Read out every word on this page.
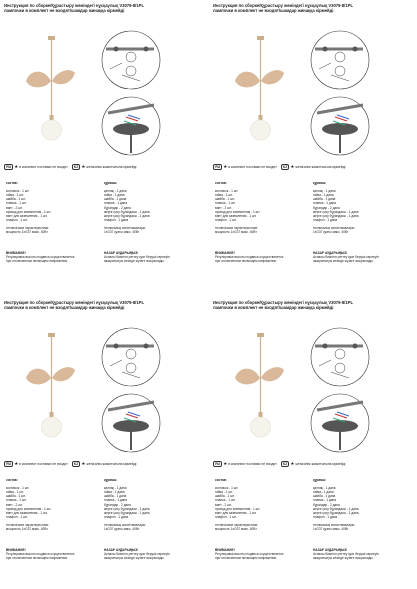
Инструкция по сборке/Құрастыру жөніндегі нұсқаулық V3079-8/1PL
лампочки в комплект не входят/шамдар жинаққа кірмейді
RU ★ в комплект поставки не входит KZ ★ жеткізілім жиынтығына кірмейді
состав:
колпачок - 1 шт.
гайка - 1 шт.
шайба - 1 шт.
планка - 1 шт.
винт - 2 шт.
провод для заземления - 1 шт.
винт для заземления - 1 шт.
плафон - 1 шт.
технические характеристики:
мощность 1xG37 макс. 40Вт
құрамы:
қалпақ - 1 дана
гайка - 1 дана
шайба - 1 дана
планка - 1 дана
бұрандар - 2 дана
жерге қосу бұрандасы - 1 дана
жерге қосу бұрандасы - 1 дана
плафон - 1 дана
техникалық сипаттамалары:
1xG37 қуаты макс. 40Вт
ВНИМАНИЕ!
Регулировка высоты подвеса осуществляется
при отключенном питающем напряжении
НАЗАР АУДАРЫҢЫЗ!
Аспалы биіктігін реттеу қуат берушi кернеуiн
ажыратылуы кезінде жүзеге асырылады.
Инструкция по сборке/Құрастыру жөніндегі нұсқаулық V3079-8/1PL
лампочки в комплект не входят/шамдар жинаққа кірмейді
RU ★ в комплект поставки не входит KZ ★ жеткізілім жиынтығына кірмейді
состав:
колпачок - 1 шт.
гайка - 1 шт.
шайба - 1 шт.
планка - 1 шт.
винт - 2 шт.
провод для заземления - 1 шт.
винт для заземления - 1 шт.
плафон - 1 шт.
технические характеристики:
мощность 1xG37 макс. 40Вт
құрамы:
қалпақ - 1 дана
гайка - 1 дана
шайба - 1 дана
планка - 1 дана
бұрандар - 2 дана
жерге қосу бұрандасы - 1 дана
жерге қосу бұрандасы - 1 дана
плафон - 1 дана
техникалық сипаттамалары:
1xG37 қуаты макс. 40Вт
ВНИМАНИЕ!
Регулировка высоты подвеса осуществляется
при отключенном питающем напряжении
НАЗАР АУДАРЫҢЫЗ!
Аспалы биіктігін реттеу қуат берушi кернеуiн
ажыратылуы кезінде жүзеге асырылады.
Инструкция по сборке/Құрастыру жөніндегі нұсқаулық V3079-8/1PL
лампочки в комплект не входят/шамдар жинаққа кірмейді
RU ★ в комплект поставки не входит KZ ★ жеткізілім жиынтығына кірмейді
состав:
колпачок - 1 шт.
гайка - 1 шт.
шайба - 1 шт.
планка - 1 шт.
винт - 2 шт.
провод для заземления - 1 шт.
винт для заземления - 1 шт.
плафон - 1 шт.
технические характеристики:
мощность 1xG37 макс. 40Вт
құрамы:
қалпақ - 1 дана
гайка - 1 дана
шайба - 1 дана
планка - 1 дана
бұрандар - 2 дана
жерге қосу бұрандасы - 1 дана
жерге қосу бұрандасы - 1 дана
плафон - 1 дана
техникалық сипаттамалары:
1xG37 қуаты макс. 40Вт
ВНИМАНИЕ!
Регулировка высоты подвеса осуществляется
при отключенном питающем напряжении
НАЗАР АУДАРЫҢЫЗ!
Аспалы биіктігін реттеу қуат берушi кернеуiн
ажыратылуы кезінде жүзеге асырылады.
Инструкция по сборке/Құрастыру жөніндегі нұсқаулық V3079-8/1PL
лампочки в комплект не входят/шамдар жинаққа кірмейді
RU ★ в комплект поставки не входит KZ ★ жеткізілім жиынтығына кірмейді
состав:
колпачок - 1 шт.
гайка - 1 шт.
шайба - 1 шт.
планка - 1 шт.
винт - 2 шт.
провод для заземления - 1 шт.
винт для заземления - 1 шт.
плафон - 1 шт.
технические характеристики:
мощность 1xG37 макс. 40Вт
құрамы:
қалпақ - 1 дана
гайка - 1 дана
шайба - 1 дана
планка - 1 дана
бұрандар - 2 дана
жерге қосу бұрандасы - 1 дана
жерге қосу бұрандасы - 1 дана
плафон - 1 дана
техникалық сипаттамалары:
1xG37 қуаты макс. 40Вт
ВНИМАНИЕ!
Регулировка высоты подвеса осуществляется
при отключенном питающем напряжении
НАЗАР АУДАРЫҢЫЗ!
Аспалы биіктігін реттеу қуат берушi кернеуiн
ажыратылуы кезінде жүзеге асырылады.
